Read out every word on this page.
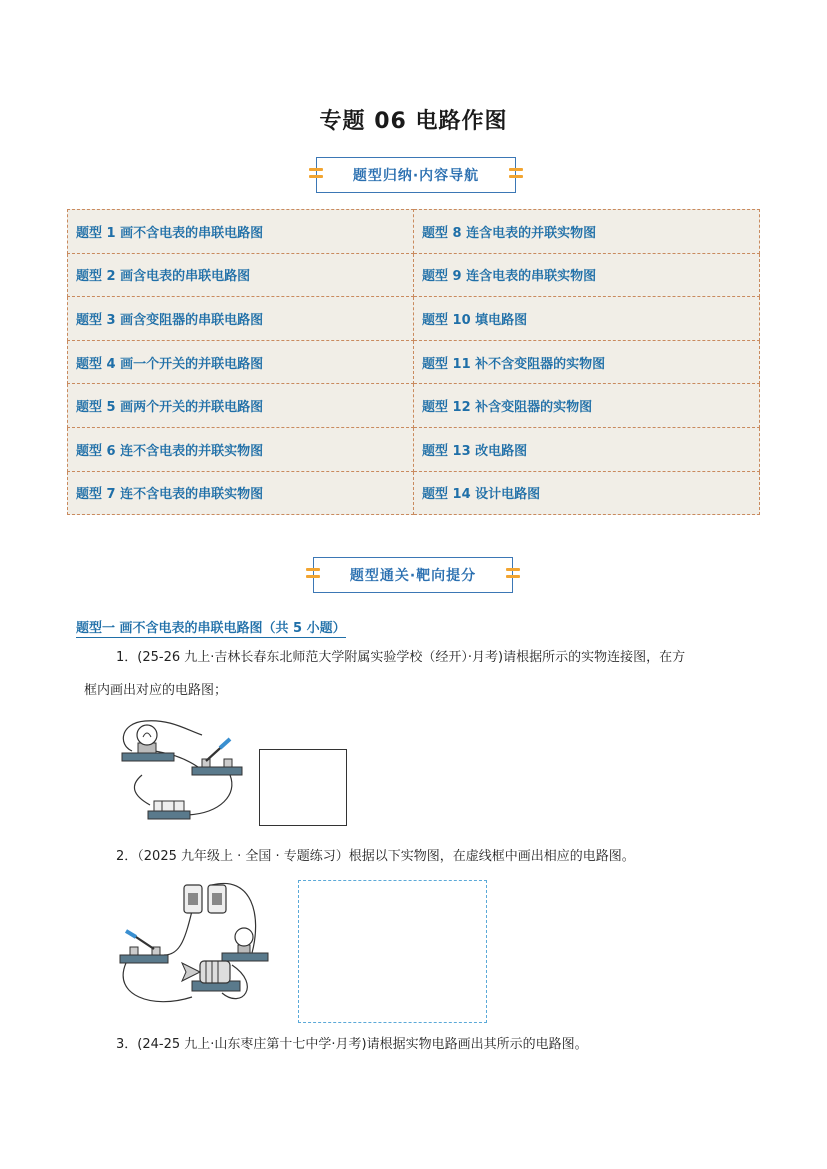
专题 06 电路作图
题型归纳·内容导航
题型 1 画不含电表的串联电路图	题型 8 连含电表的并联实物图
题型 2 画含电表的串联电路图	题型 9 连含电表的串联实物图
题型 3 画含变阻器的串联电路图	题型 10 填电路图
题型 4 画一个开关的并联电路图	题型 11 补不含变阻器的实物图
题型 5 画两个开关的并联电路图	题型 12 补含变阻器的实物图
题型 6 连不含电表的并联实物图	题型 13 改电路图
题型 7 连不含电表的串联实物图	题型 14 设计电路图
题型通关·靶向提分
题型一 画不含电表的串联电路图（共 5 小题）
1．(25-26 九上·吉林长春东北师范大学附属实验学校（经开）·月考)请根据所示的实物连接图，在方
框内画出对应的电路图；
2．（2025 九年级上 · 全国 · 专题练习）根据以下实物图，在虚线框中画出相应的电路图。
3．(24-25 九上·山东枣庄第十七中学·月考)请根据实物电路画出其所示的电路图。
